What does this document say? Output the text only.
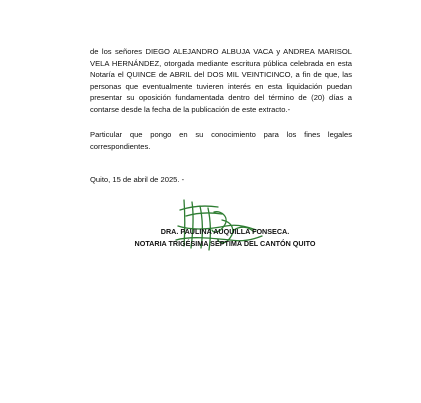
de los señores DIEGO ALEJANDRO ALBUJA VACA y ANDREA MARISOL VELA HERNÁNDEZ, otorgada mediante escritura pública celebrada en esta Notaría el QUINCE de ABRIL del DOS MIL VEINTICINCO, a fin de que, las personas que eventualmente tuvieren interés en esta liquidación puedan presentar su oposición fundamentada dentro del término de (20) días a contarse desde la fecha de la publicación de este extracto.-

Particular que pongo en su conocimiento para los fines legales correspondientes.

Quito, 15 de abril de 2025. -

DRA. PAULINA AUQUILLA FONSECA.

NOTARIA TRIGÉSIMA SÉPTIMA DEL CANTÓN QUITO
